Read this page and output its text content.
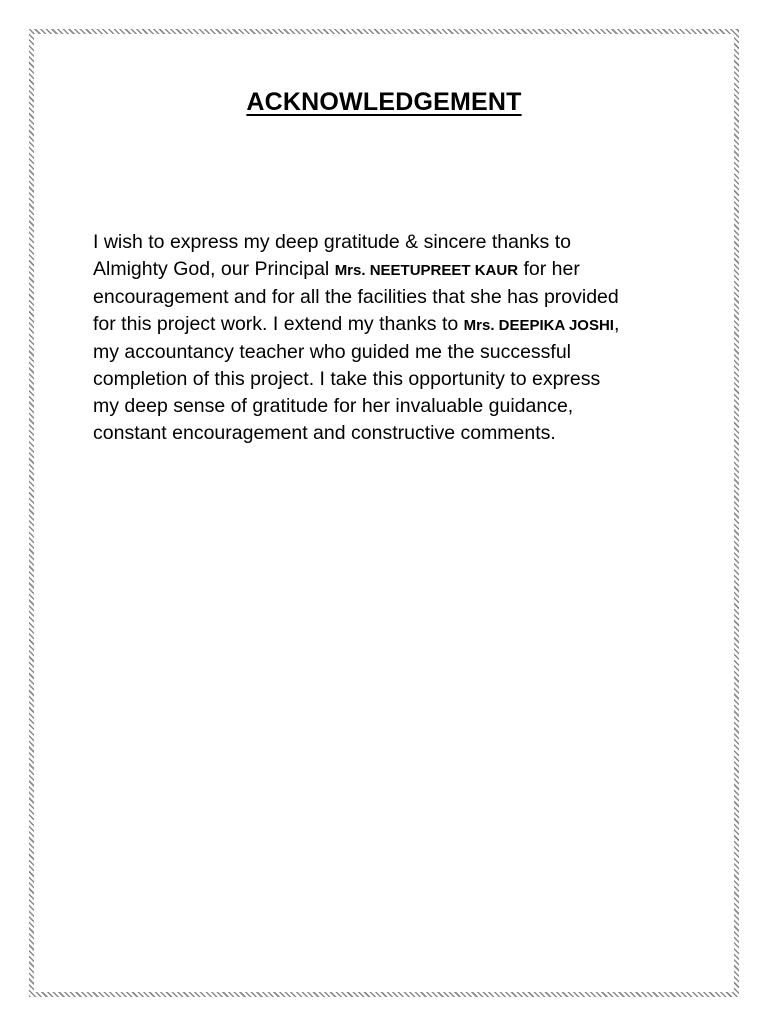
ACKNOWLEDGEMENT
I wish to express my deep gratitude & sincere thanks to
Almighty God, our Principal Mrs. NEETUPREET KAUR for her
encouragement and for all the facilities that she has provided
for this project work. I extend my thanks to Mrs. DEEPIKA JOSHI,
my accountancy teacher who guided me the successful
completion of this project. I take this opportunity to express
my deep sense of gratitude for her invaluable guidance,
constant encouragement and constructive comments.
